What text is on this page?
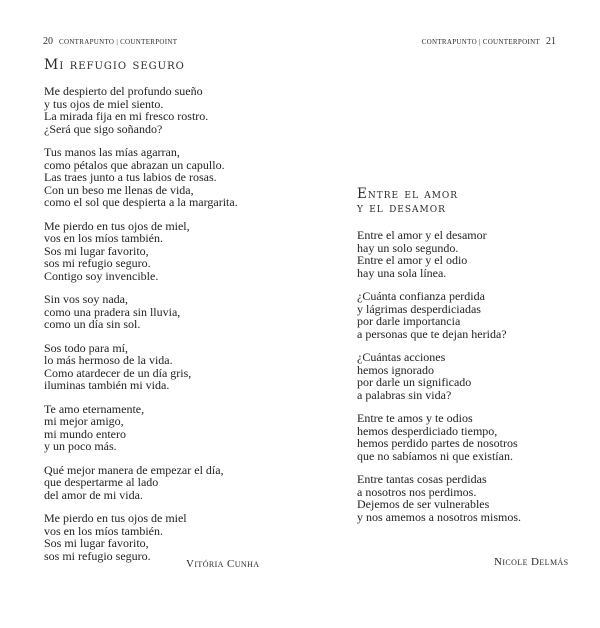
20 CONTRAPUNTO | COUNTERPOINT
Mi refugio seguro
Me despierto del profundo sueño
y tus ojos de miel siento.
La mirada fija en mi fresco rostro.
¿Será que sigo soñando?
Tus manos las mías agarran,
como pétalos que abrazan un capullo.
Las traes junto a tus labios de rosas.
Con un beso me llenas de vida,
como el sol que despierta a la margarita.
Me pierdo en tus ojos de miel,
vos en los míos también.
Sos mi lugar favorito,
sos mi refugio seguro.
Contigo soy invencible.
Sin vos soy nada,
como una pradera sin lluvia,
como un día sin sol.
Sos todo para mí,
lo más hermoso de la vida.
Como atardecer de un día gris,
iluminas también mi vida.
Te amo eternamente,
mi mejor amigo,
mi mundo entero
y un poco más.
Qué mejor manera de empezar el día,
que despertarme al lado
del amor de mi vida.
Me pierdo en tus ojos de miel
vos en los míos también.
Sos mi lugar favorito,
sos mi refugio seguro.
Vitória Cunha
CONTRAPUNTO | COUNTERPOINT 21
Entre el amor
y el desamor
Entre el amor y el desamor
hay un solo segundo.
Entre el amor y el odio
hay una sola línea.
¿Cuánta confianza perdida
y lágrimas desperdiciadas
por darle importancia
a personas que te dejan herida?
¿Cuántas acciones
hemos ignorado
por darle un significado
a palabras sin vida?
Entre te amos y te odios
hemos desperdiciado tiempo,
hemos perdido partes de nosotros
que no sabíamos ni que existían.
Entre tantas cosas perdidas
a nosotros nos perdimos.
Dejemos de ser vulnerables
y nos amemos a nosotros mismos.
Nicole Delmás
